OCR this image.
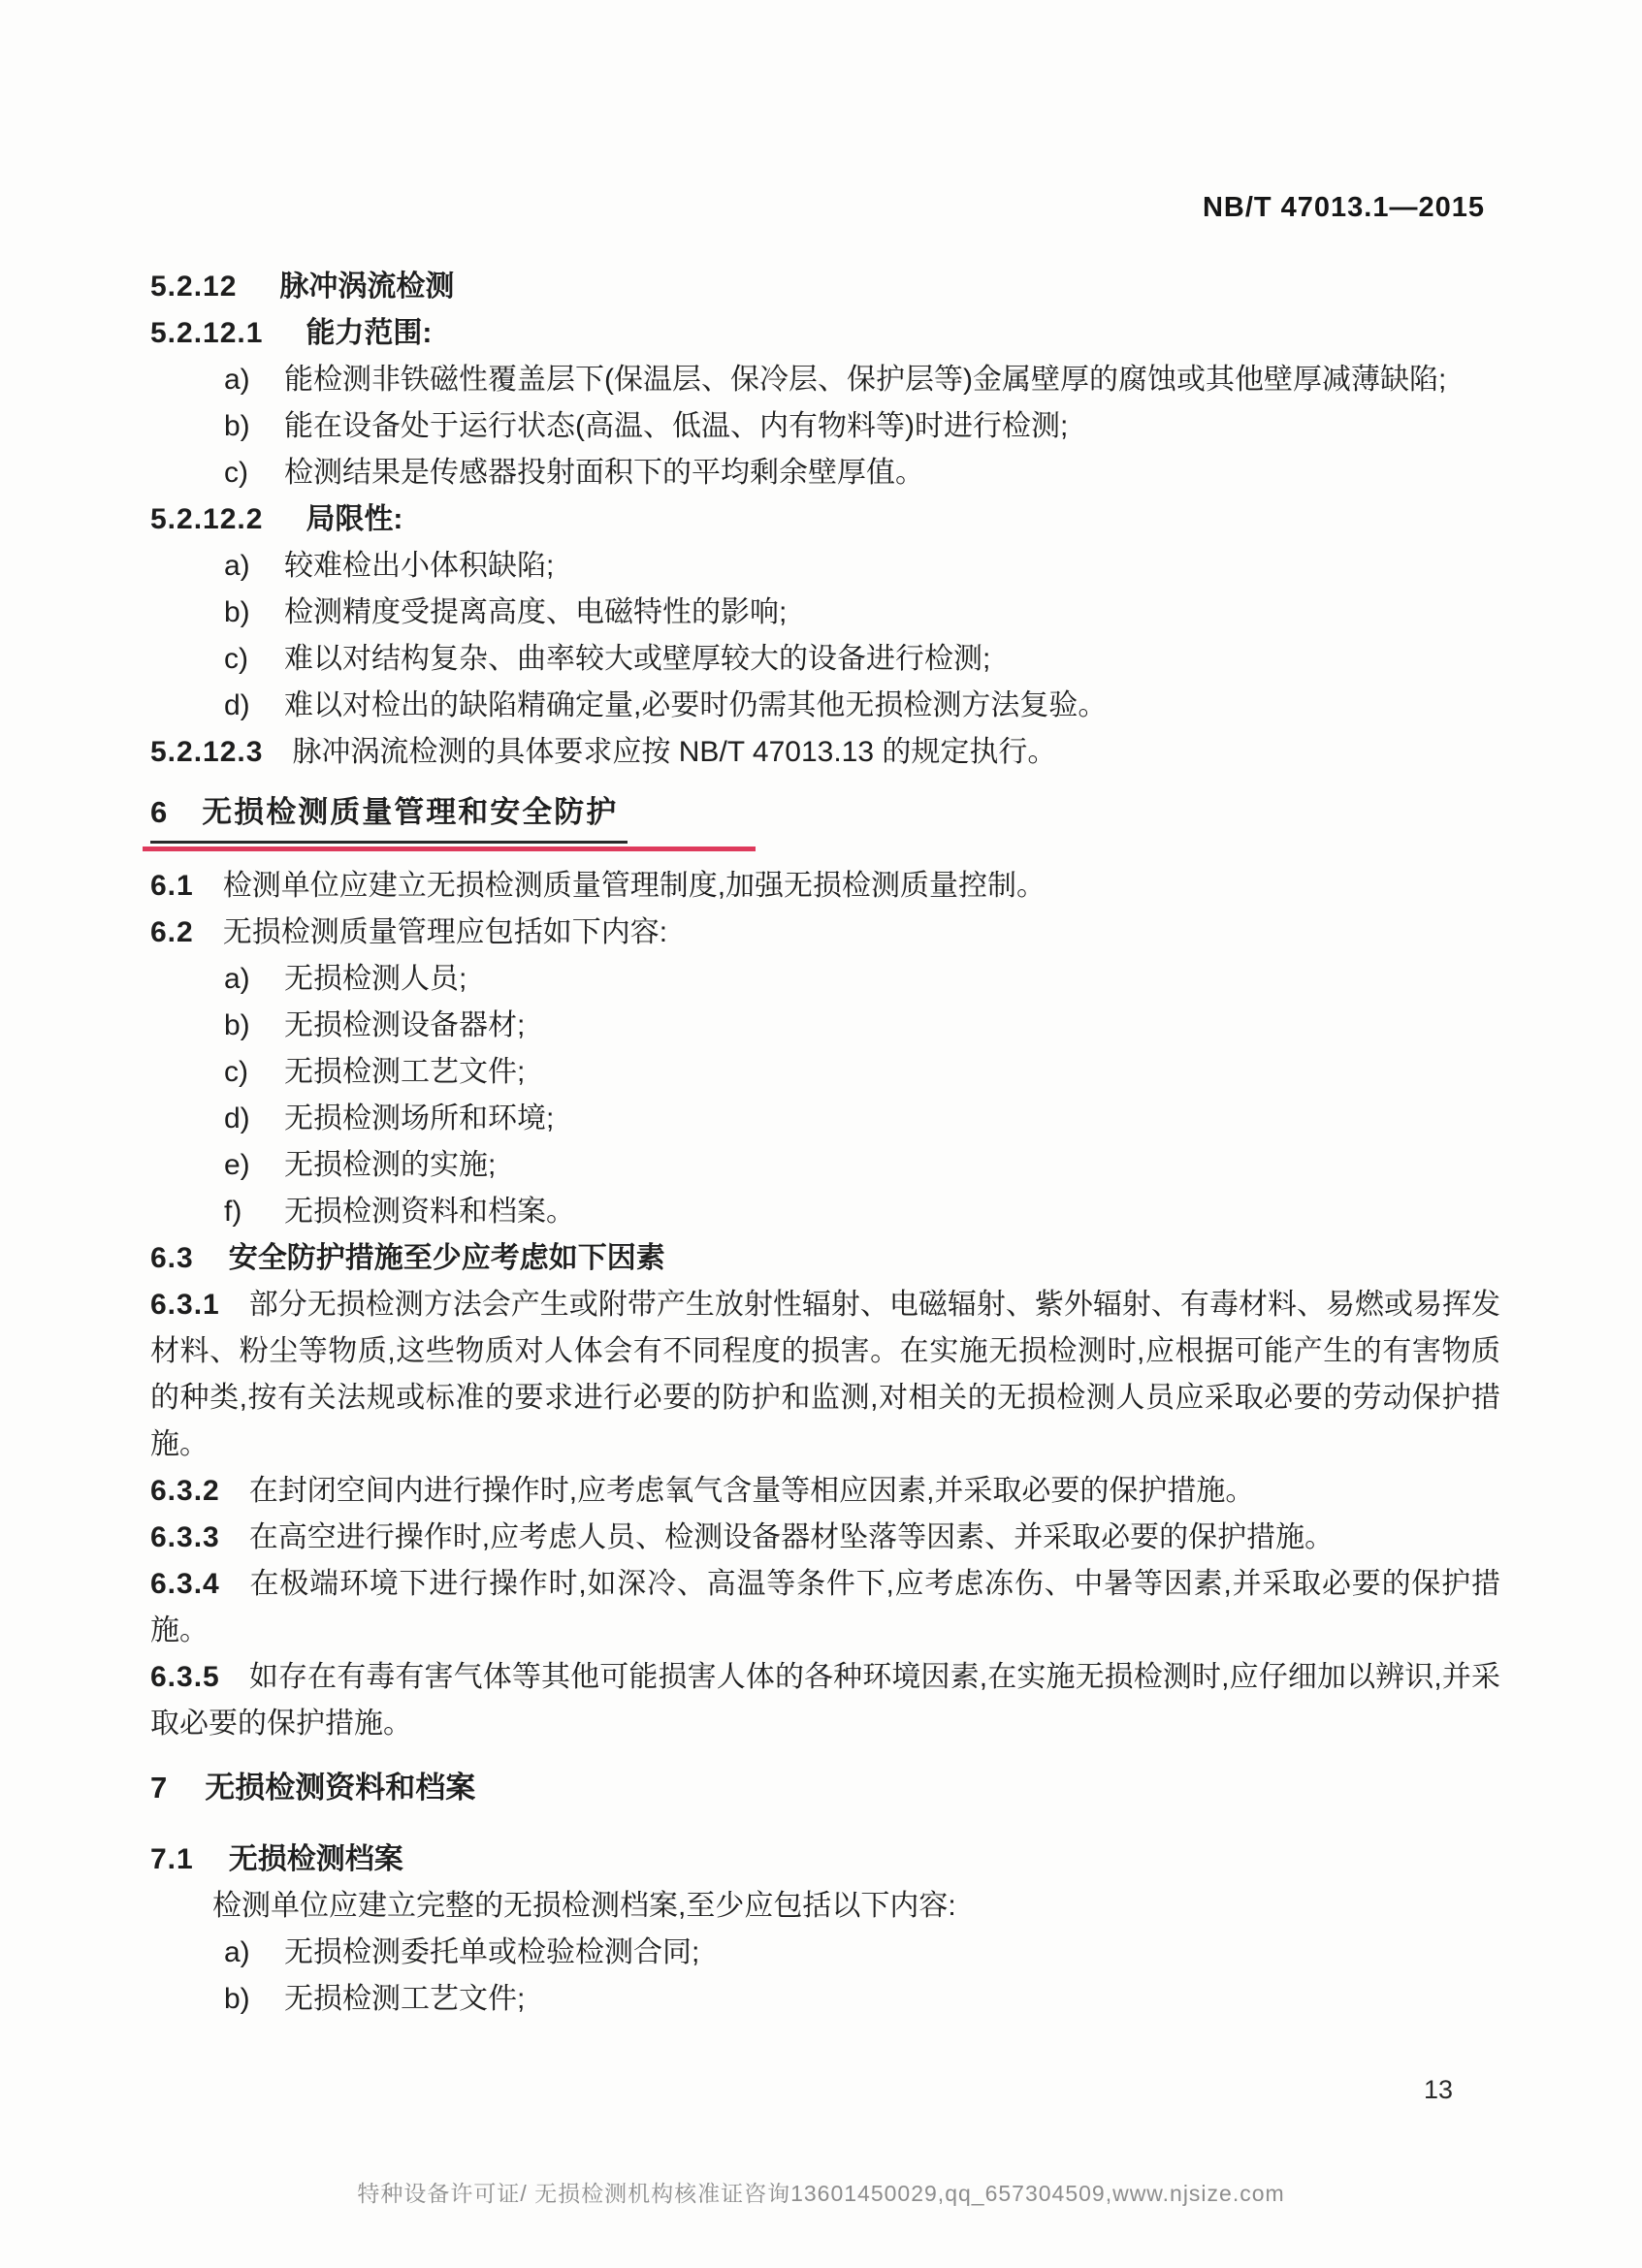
NB/T 47013.1—2015
5.2.12 脉冲涡流检测
5.2.12.1 能力范围:
a)	能检测非铁磁性覆盖层下(保温层、保冷层、保护层等)金属壁厚的腐蚀或其他壁厚减薄缺陷;
b)	能在设备处于运行状态(高温、低温、内有物料等)时进行检测;
c)	检测结果是传感器投射面积下的平均剩余壁厚值。
5.2.12.2 局限性:
a)	较难检出小体积缺陷;
b)	检测精度受提离高度、电磁特性的影响;
c)	难以对结构复杂、曲率较大或壁厚较大的设备进行检测;
d)	难以对检出的缺陷精确定量,必要时仍需其他无损检测方法复验。
5.2.12.3 脉冲涡流检测的具体要求应按 NB/T 47013.13 的规定执行。
6 无损检测质量管理和安全防护
6.1 检测单位应建立无损检测质量管理制度,加强无损检测质量控制。
6.2 无损检测质量管理应包括如下内容:
a)	无损检测人员;
b)	无损检测设备器材;
c)	无损检测工艺文件;
d)	无损检测场所和环境;
e)	无损检测的实施;
f)	无损检测资料和档案。
6.3 安全防护措施至少应考虑如下因素
6.3.1 部分无损检测方法会产生或附带产生放射性辐射、电磁辐射、紫外辐射、有毒材料、易燃或易挥发材料、粉尘等物质,这些物质对人体会有不同程度的损害。在实施无损检测时,应根据可能产生的有害物质的种类,按有关法规或标准的要求进行必要的防护和监测,对相关的无损检测人员应采取必要的劳动保护措施。
6.3.2 在封闭空间内进行操作时,应考虑氧气含量等相应因素,并采取必要的保护措施。
6.3.3 在高空进行操作时,应考虑人员、检测设备器材坠落等因素、并采取必要的保护措施。
6.3.4 在极端环境下进行操作时,如深冷、高温等条件下,应考虑冻伤、中暑等因素,并采取必要的保护措施。
6.3.5 如存在有毒有害气体等其他可能损害人体的各种环境因素,在实施无损检测时,应仔细加以辨识,并采取必要的保护措施。
7 无损检测资料和档案
7.1 无损检测档案
检测单位应建立完整的无损检测档案,至少应包括以下内容:
a)	无损检测委托单或检验检测合同;
b)	无损检测工艺文件;
13
特种设备许可证/ 无损检测机构核准证咨询13601450029,qq_657304509,www.njsize.com
